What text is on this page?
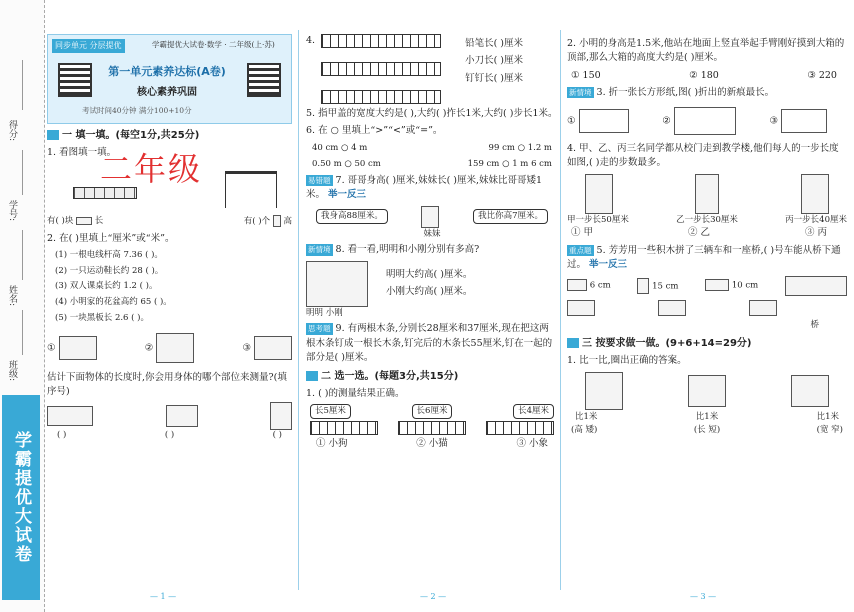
得分:
学号:
姓名:
班级:
学霸提优大试卷
同步单元 分层提优	学霸提优大试卷·数学 · 二年级(上·苏)
第一单元素养达标(A卷)
核心素养巩固
考试时间40分钟 满分100+10分
一 填一填。(每空1分,共25分)
1. 看图填一填。
有( )块	长	有( )个 高
2. 在( )里填上“厘米”或“米”。
(1) 一根电线杆高 7.36 ( )。
(2) 一只运动鞋长约 28 ( )。
(3) 双人课桌长约 1.2 ( )。
(4) 小明家的花盆高约 65 ( )。
(5) 一块黑板长 2.6 ( )。
①	②	③
估计下面物体的长度时,你会用身体的哪个部位来测量?(填序号)
( )	( )	( )
二年级
— 1 —
4.	铅笔长( )厘米
小刀长( )厘米
钉钉长( )厘米
5. 指甲盖的宽度大约是( ),大约( )拃长1米,大约( )步长1米。
6. 在 ○ 里填上“>”“<”或“=”。
40 cm ○ 4 m	99 cm ○ 1.2 m
0.50 m ○ 50 cm	159 cm ○ 1 m 6 cm
易错题 7. 哥哥身高( )厘米,妹妹长( )厘米,妹妹比哥哥矮1米。 举一反三
我身高88厘米。	我比你高7厘米。
妹妹
新情境 8. 看一看,明明和小刚分别有多高?
明明大约高( )厘米。
小刚大约高( )厘米。
明明 小刚
思考题 9. 有两根木条,分别长28厘米和37厘米,现在把这两根木条钉成一根长木条,钉完后的木条长55厘米,钉在一起的部分是( )厘米。
二 选一选。(每题3分,共15分)
1. ( )的测量结果正确。
长5厘米	长6厘米	长4厘米
① 小狗	② 小猫	③ 小象
— 2 —
2. 小明的身高是1.5米,他站在地面上竖直举起手臂刚好摸到大箱的顶部,那么大箱的高度大约是( )厘米。
① 150	② 180	③ 220
新情境 3. 折一张长方形纸,图( )折出的新痕最长。
①	②	③
4. 甲、乙、丙三名同学都从校门走到教学楼,他们每人的一步长度如图,( )走的步数最多。
甲一步长50厘米	乙一步长30厘米	丙一步长40厘米
① 甲	② 乙	③ 丙
重点题 5. 芳芳用一些积木拼了三辆车和一座桥,( )号车能从桥下通过。 举一反三
6 cm	15 cm	10 cm
桥
三 按要求做一做。(9+6+14=29分)
1. 比一比,圈出正确的答案。
比1米	比1米	比1米
(高 矮)	(长 短)	(宽 窄)
— 3 —
